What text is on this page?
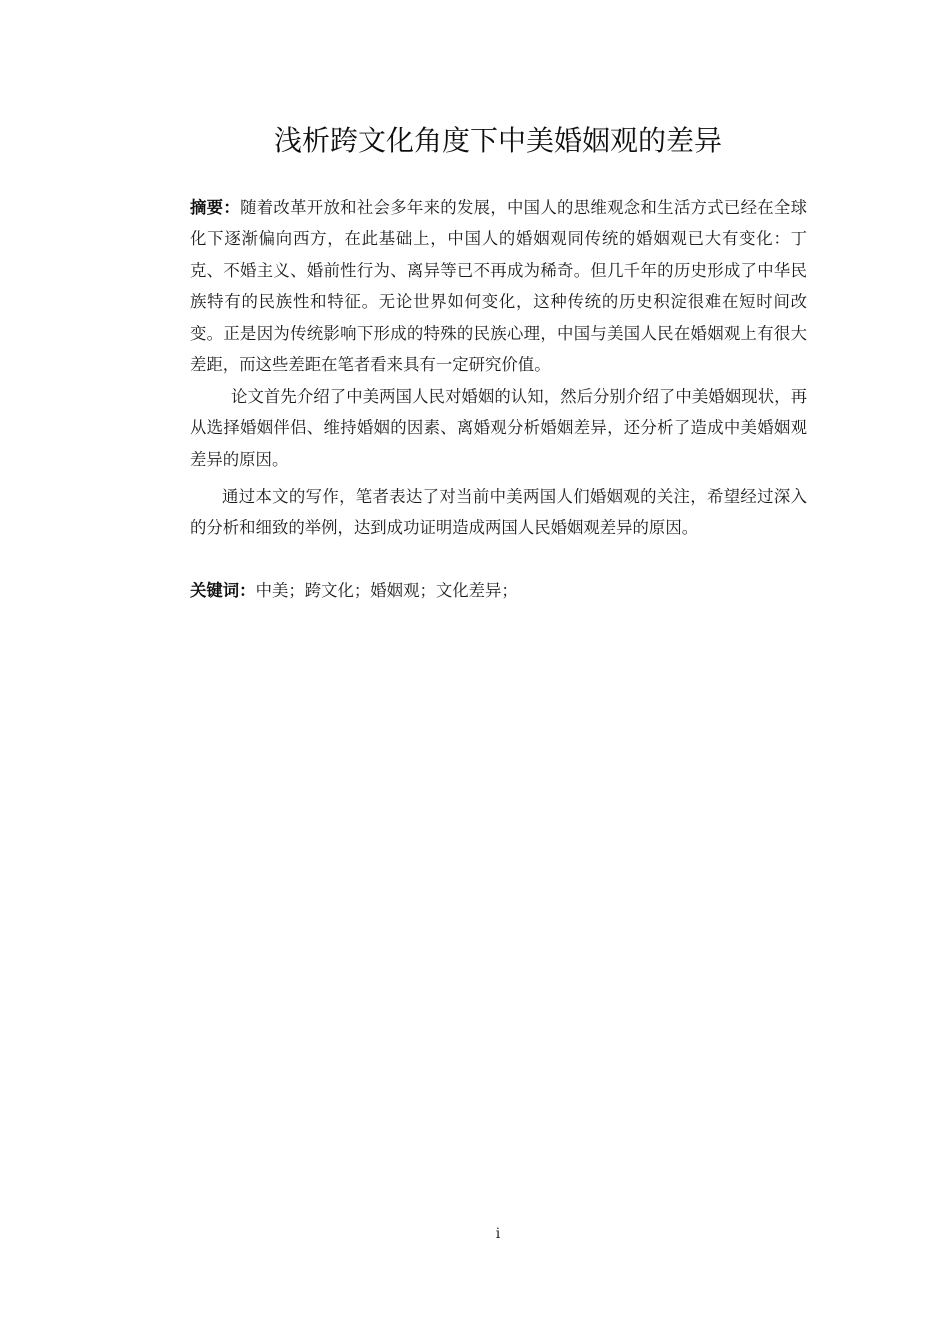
浅析跨文化角度下中美婚姻观的差异

摘要：随着改革开放和社会多年来的发展，中国人的思维观念和生活方式已经在全球化下逐渐偏向西方，在此基础上，中国人的婚姻观同传统的婚姻观已大有变化：丁克、不婚主义、婚前性行为、离异等已不再成为稀奇。但几千年的历史形成了中华民族特有的民族性和特征。无论世界如何变化，这种传统的历史积淀很难在短时间改变。正是因为传统影响下形成的特殊的民族心理，中国与美国人民在婚姻观上有很大差距，而这些差距在笔者看来具有一定研究价值。

论文首先介绍了中美两国人民对婚姻的认知，然后分别介绍了中美婚姻现状，再从选择婚姻伴侣、维持婚姻的因素、离婚观分析婚姻差异，还分析了造成中美婚姻观差异的原因。

通过本文的写作，笔者表达了对当前中美两国人们婚姻观的关注，希望经过深入的分析和细致的举例，达到成功证明造成两国人民婚姻观差异的原因。

关键词：中美；跨文化；婚姻观；文化差异；

i
